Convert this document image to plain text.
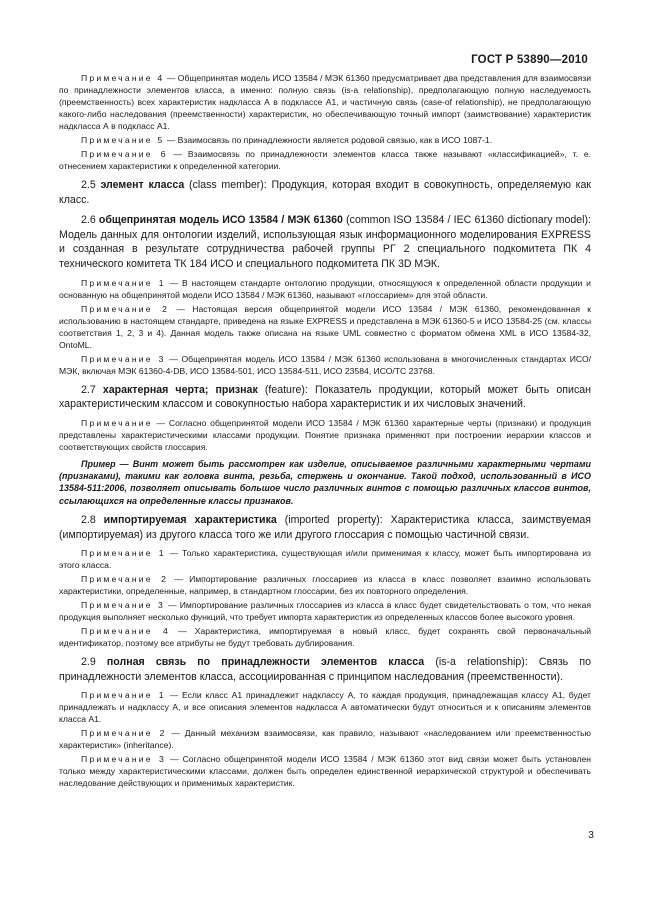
ГОСТ Р 53890—2010

Примечание 4 — Общепринятая модель ИСО 13584 / МЭК 61360 предусматривает два представления для взаимосвязи по принадлежности элементов класса, а именно: полную связь (is-a relationship), предполагающую полную наследуемость (преемственность) всех характеристик надкласса А в подклассе А1, и частичную связь (case-of relationship), не предполагающую какого-либо наследования (преемственности) характеристик, но обеспечивающую точный импорт (заимствование) характеристик надкласса А в подкласс А1.

Примечание 5 — Взаимосвязь по принадлежности является родовой связью, как в ИСО 1087-1.

Примечание 6 — Взаимосвязь по принадлежности элементов класса также называют «классификацией», т. е. отнесением характеристики к определенной категории.

2.5 элемент класса (class member): Продукция, которая входит в совокупность, определяемую как класс.

2.6 общепринятая модель ИСО 13584 / МЭК 61360 (common ISO 13584 / IEC 61360 dictionary model): Модель данных для онтологии изделий, использующая язык информационного моделирования EXPRESS и созданная в результате сотрудничества рабочей группы РГ 2 специального подкомитета ПК 4 технического комитета ТК 184 ИСО и специального подкомитета ПК 3D МЭК.

Примечание 1 — В настоящем стандарте онтологию продукции, относящуюся к определенной области продукции и основанную на общепринятой модели ИСО 13584 / МЭК 61360, называют «глоссарием» для этой области.

Примечание 2 — Настоящая версия общепринятой модели ИСО 13584 / МЭК 61360, рекомендованная к использованию в настоящем стандарте, приведена на языке EXPRESS и представлена в МЭК 61360-5 и ИСО 13584-25 (см. классы соответствия 1, 2, 3 и 4). Данная модель также описана на языке UML совместно с форматом обмена XML в ИСО 13584-32, OntoML.

Примечание 3 — Общепринятая модель ИСО 13584 / МЭК 61360 использована в многочисленных стандартах ИСО/МЭК, включая МЭК 61360-4-DB, ИСО 13584-501, ИСО 13584-511, ИСО 23584, ИСО/ТС 23768.

2.7 характерная черта; признак (feature): Показатель продукции, который может быть описан характеристическим классом и совокупностью набора характеристик и их числовых значений.

Примечание — Согласно общепринятой модели ИСО 13584 / МЭК 61360 характерные черты (признаки) и продукция представлены характеристическими классами продукции. Понятие признака применяют при построении иерархии классов и соответствующих свойств глоссария.

Пример — Винт может быть рассмотрен как изделие, описываемое различными характерными чертами (признаками), такими как головка винта, резьба, стержень и окончание. Такой подход, использованный в ИСО 13584-511:2006, позволяет описывать большое число различных винтов с помощью различных классов винтов, ссылающихся на определенные классы признаков.

2.8 импортируемая характеристика (imported property): Характеристика класса, заимствуемая (импортируемая) из другого класса того же или другого глоссария с помощью частичной связи.

Примечание 1 — Только характеристика, существующая и/или применимая к классу, может быть импортирована из этого класса.

Примечание 2 — Импортирование различных глоссариев из класса в класс позволяет взаимно использовать характеристики, определенные, например, в стандартном глоссарии, без их повторного определения.

Примечание 3 — Импортирование различных глоссариев из класса в класс будет свидетельствовать о том, что некая продукция выполняет несколько функций, что требует импорта характеристик из определенных классов более высокого уровня.

Примечание 4 — Характеристика, импортируемая в новый класс, будет сохранять свой первоначальный идентификатор, поэтому все атрибуты не будут требовать дублирования.

2.9 полная связь по принадлежности элементов класса (is-a relationship): Связь по принадлежности элементов класса, ассоциированная с принципом наследования (преемственности).

Примечание 1 — Если класс А1 принадлежит надклассу А, то каждая продукция, принадлежащая классу А1, будет принадлежать и надклассу А, и все описания элементов надкласса А автоматически будут относиться и к описаниям элементов класса А1.

Примечание 2 — Данный механизм взаимосвязи, как правило, называют «наследованием или преемственностью характеристик» (inheritance).

Примечание 3 — Согласно общепринятой модели ИСО 13584 / МЭК 61360 этот вид связи может быть установлен только между характеристическими классами, должен быть определен единственной иерархической структурой и обеспечивать наследование действующих и применимых характеристик.

3
